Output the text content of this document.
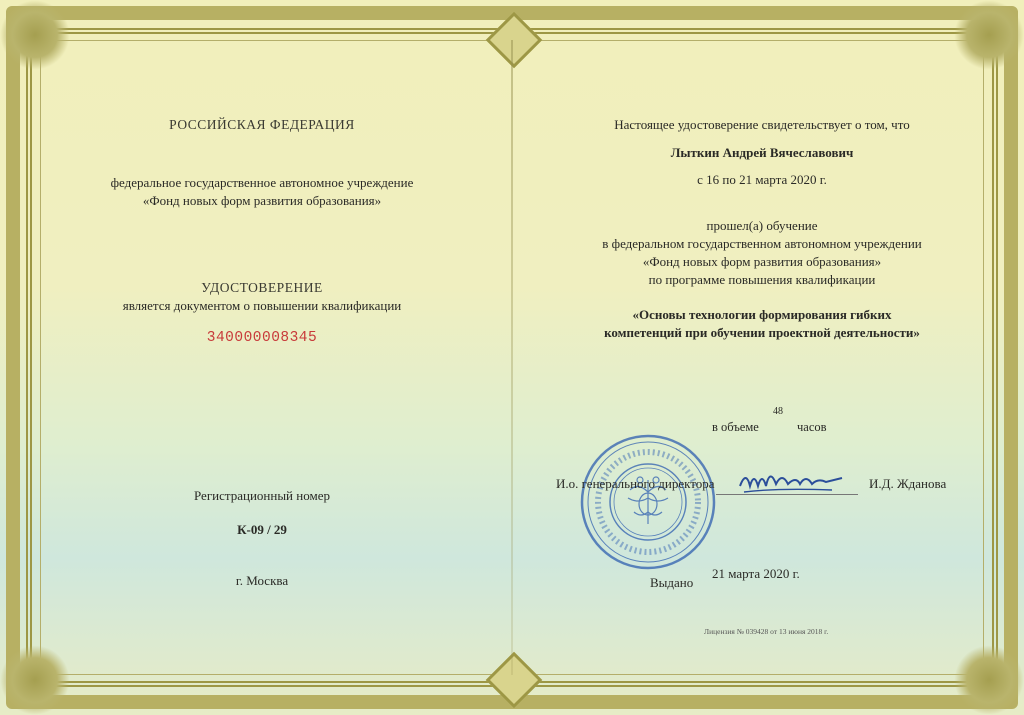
РОССИЙСКАЯ ФЕДЕРАЦИЯ
федеральное государственное автономное учреждение
«Фонд новых форм развития образования»
УДОСТОВЕРЕНИЕ
является документом о повышении квалификации
340000008345
Регистрационный номер
К-09 / 29
г. Москва
Настоящее удостоверение свидетельствует о том, что
Лыткин Андрей Вячеславович
с 16 по 21 марта 2020 г.
прошел(а) обучение
в федеральном государственном автономном учреждении
«Фонд новых форм развития образования»
по программе повышения квалификации
«Основы технологии формирования гибких
компетенций при обучении проектной деятельности»
в объеме
48
часов
И.о. генерального директора	И.Д. Жданова
Выдано
21 марта 2020 г.
Лицензия № 039428 от 13 июня 2018 г.
